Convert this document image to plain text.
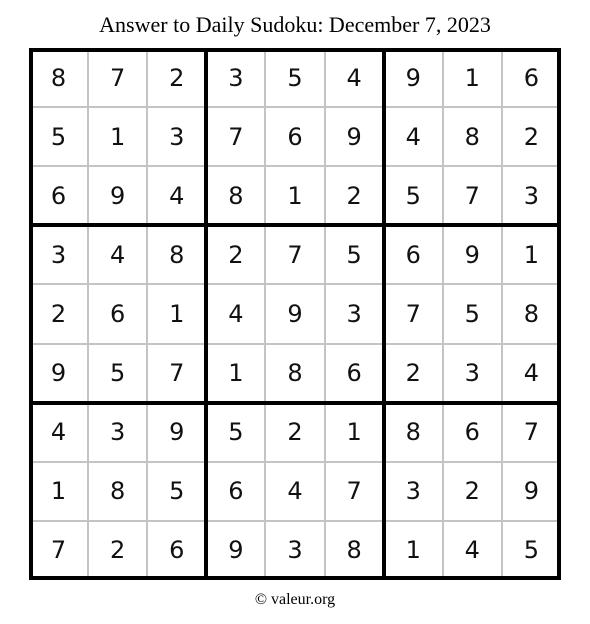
Answer to Daily Sudoku: December 7, 2023
8	7	2	3	5	4	9	1	6
5	1	3	7	6	9	4	8	2
6	9	4	8	1	2	5	7	3
3	4	8	2	7	5	6	9	1
2	6	1	4	9	3	7	5	8
9	5	7	1	8	6	2	3	4
4	3	9	5	2	1	8	6	7
1	8	5	6	4	7	3	2	9
7	2	6	9	3	8	1	4	5
© valeur.org
